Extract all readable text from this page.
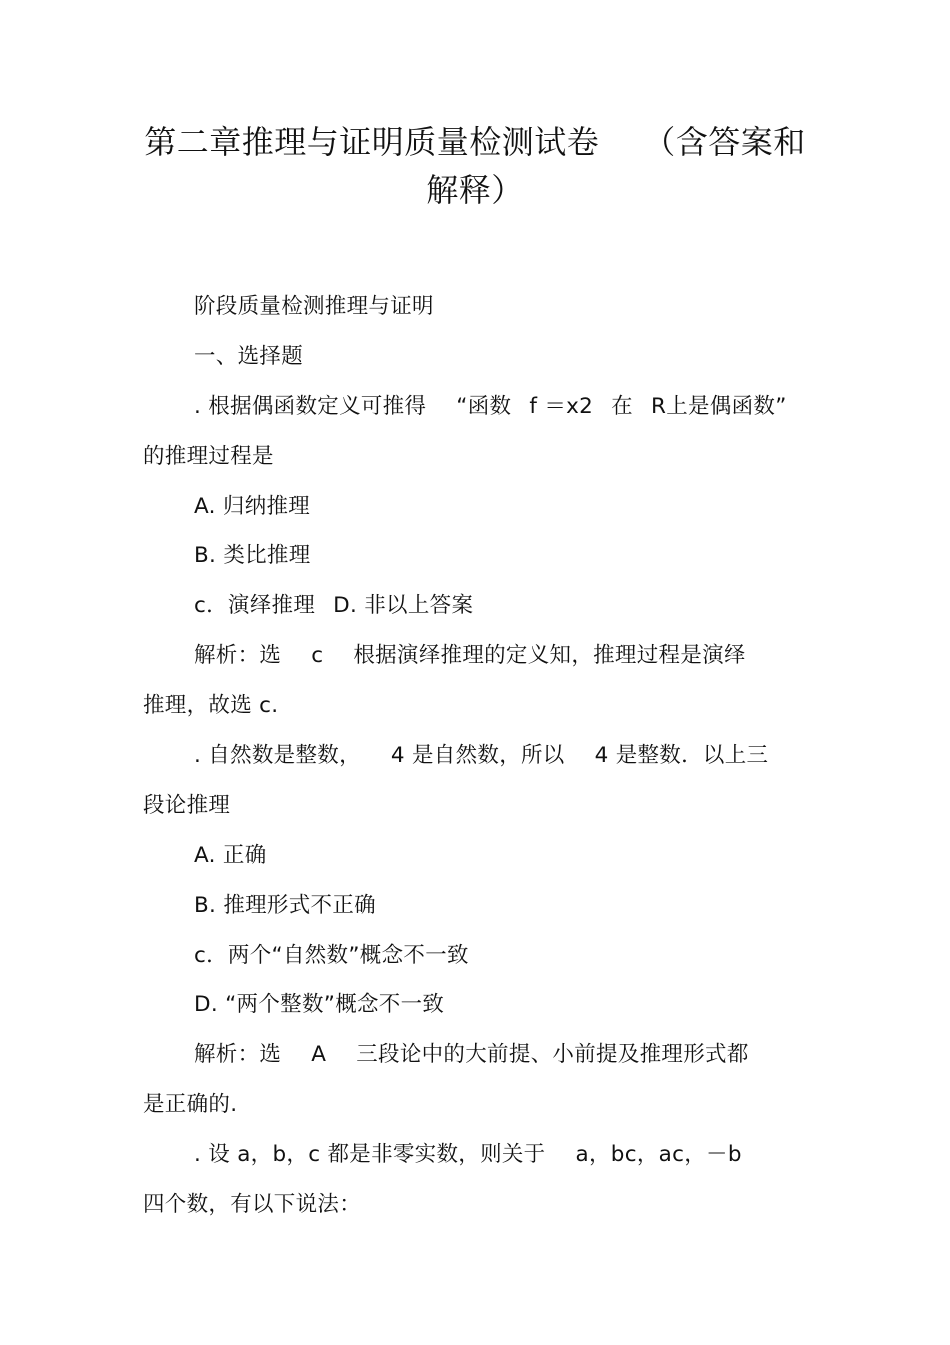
第二章推理与证明质量检测试卷 （含答案和
解释）
阶段质量检测推理与证明
一、选择题
. 根据偶函数定义可推得 “函数 f ＝x2 在 R上是偶函数”
的推理过程是
A. 归纳推理
B. 类比推理
c．演绎推理 D. 非以上答案
解析：选 c 根据演绎推理的定义知，推理过程是演绎
推理，故选 c.
. 自然数是整数， 4 是自然数，所以 4 是整数．以上三
段论推理
A. 正确
B. 推理形式不正确
c．两个“自然数”概念不一致
D. “两个整数”概念不一致
解析：选 A 三段论中的大前提、小前提及推理形式都
是正确的.
. 设 a，b，c 都是非零实数，则关于 a，bc，ac，－b
四个数，有以下说法：
